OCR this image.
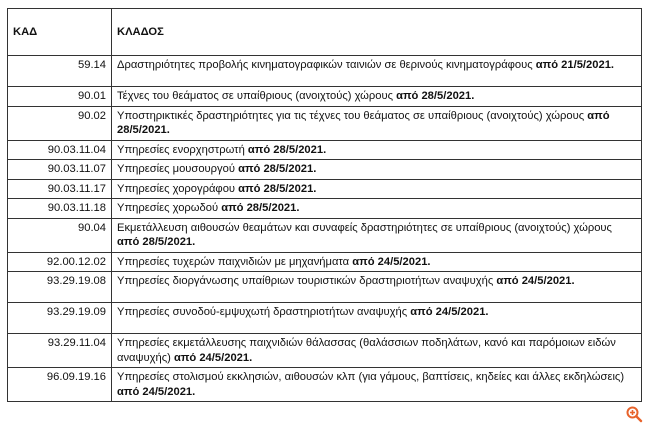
ΚΑΔ	ΚΛΑΔΟΣ
59.14	Δραστηριότητες προβολής κινηματογραφικών ταινιών σε θερινούς κινηματογράφους από 21/5/2021.
90.01	Τέχνες του θεάματος σε υπαίθριους (ανοιχτούς) χώρους από 28/5/2021.
90.02	Υποστηρικτικές δραστηριότητες για τις τέχνες του θεάματος σε υπαίθριους (ανοιχτούς) χώρους από 28/5/2021.
90.03.11.04	Υπηρεσίες ενορχηστρωτή από 28/5/2021.
90.03.11.07	Υπηρεσίες μουσουργού από 28/5/2021.
90.03.11.17	Υπηρεσίες χορογράφου από 28/5/2021.
90.03.11.18	Υπηρεσίες χορωδού από 28/5/2021.
90.04	Εκμετάλλευση αιθουσών θεαμάτων και συναφείς δραστηριότητες σε υπαίθριους (ανοιχτούς) χώρους από 28/5/2021.
92.00.12.02	Υπηρεσίες τυχερών παιχνιδιών με μηχανήματα από 24/5/2021.
93.29.19.08	Υπηρεσίες διοργάνωσης υπαίθριων τουριστικών δραστηριοτήτων αναψυχής από 24/5/2021.
93.29.19.09	Υπηρεσίες συνοδού-εμψυχωτή δραστηριοτήτων αναψυχής από 24/5/2021.
93.29.11.04	Υπηρεσίες εκμετάλλευσης παιχνιδιών θάλασσας (θαλάσσιων ποδηλάτων, κανό και παρόμοιων ειδών αναψυχής) από 24/5/2021.
96.09.19.16	Υπηρεσίες στολισμού εκκλησιών, αιθουσών κλπ (για γάμους, βαπτίσεις, κηδείες και άλλες εκδηλώσεις) από 24/5/2021.
